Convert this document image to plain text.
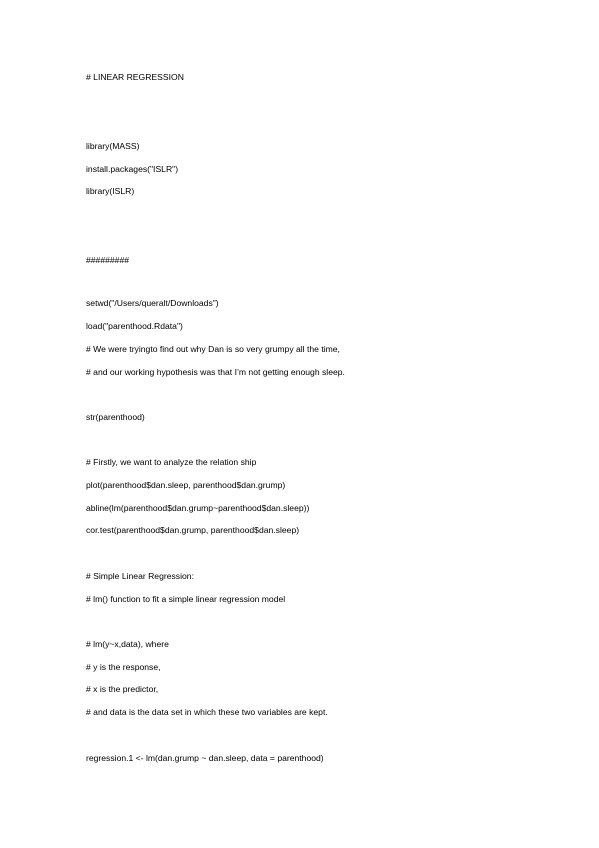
# LINEAR REGRESSION
library(MASS)
install.packages("ISLR")
library(ISLR)
#########
setwd("/Users/queralt/Downloads")
load("parenthood.Rdata")
# We were tryingto find out why Dan is so very grumpy all the time,
# and our working hypothesis was that I’m not getting enough sleep.
str(parenthood)
# Firstly, we want to analyze the relation ship
plot(parenthood$dan.sleep, parenthood$dan.grump)
abline(lm(parenthood$dan.grump~parenthood$dan.sleep))
cor.test(parenthood$dan.grump, parenthood$dan.sleep)
# Simple Linear Regression:
# lm() function to fit a simple linear regression model
# lm(y~x,data), where
# y is the response,
# x is the predictor,
# and data is the data set in which these two variables are kept.
regression.1 <- lm(dan.grump ~ dan.sleep, data = parenthood)
